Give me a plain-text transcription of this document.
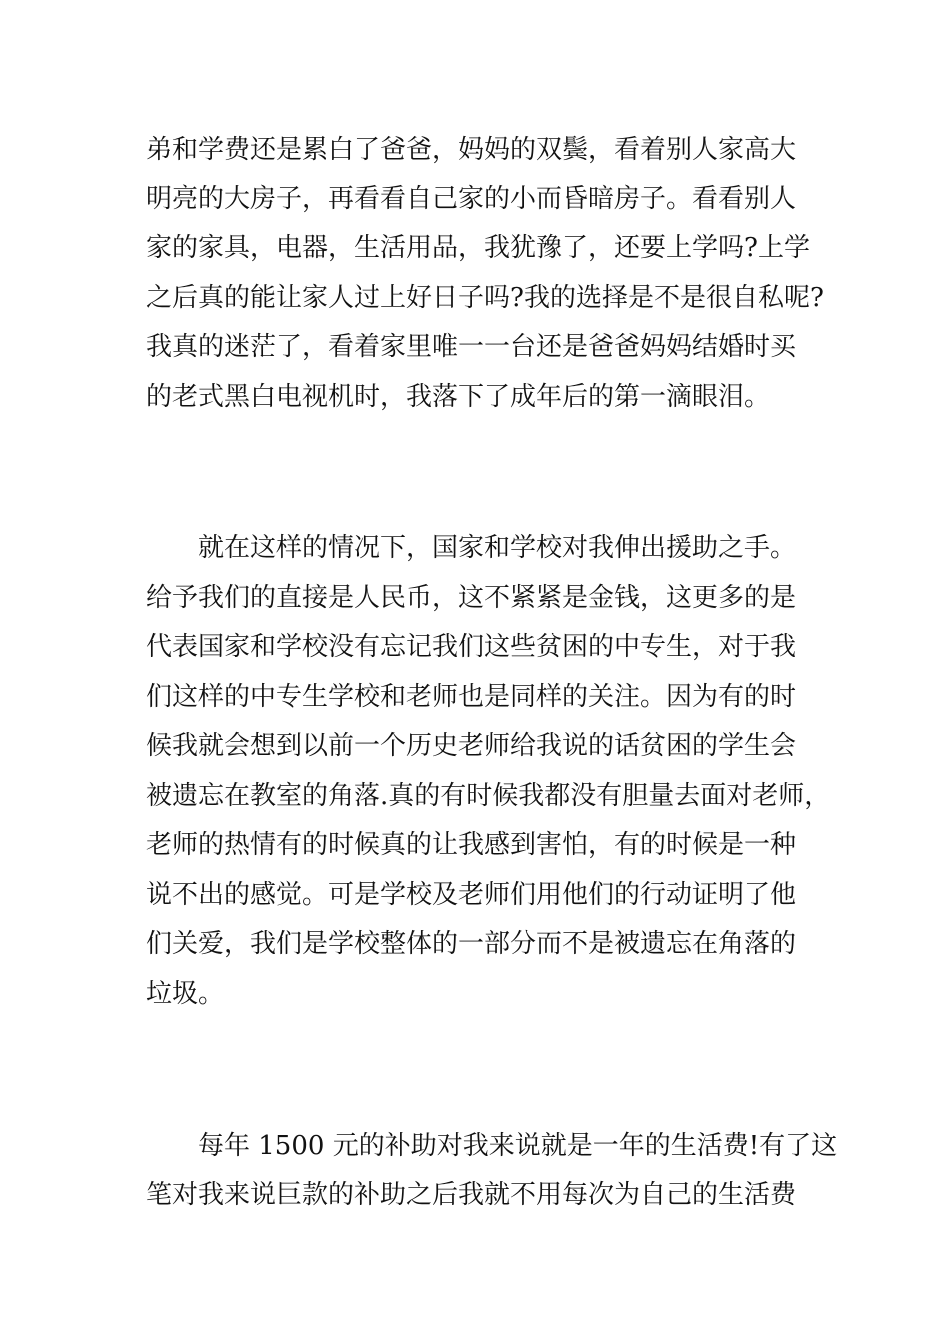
弟和学费还是累白了爸爸，妈妈的双鬓，看着别人家高大
明亮的大房子，再看看自己家的小而昏暗房子。看看别人
家的家具，电器，生活用品，我犹豫了，还要上学吗?上学
之后真的能让家人过上好日子吗?我的选择是不是很自私呢?
我真的迷茫了，看着家里唯一一台还是爸爸妈妈结婚时买
的老式黑白电视机时，我落下了成年后的第一滴眼泪。
就在这样的情况下，国家和学校对我伸出援助之手。
给予我们的直接是人民币，这不紧紧是金钱，这更多的是
代表国家和学校没有忘记我们这些贫困的中专生，对于我
们这样的中专生学校和老师也是同样的关注。因为有的时
候我就会想到以前一个历史老师给我说的话贫困的学生会
被遗忘在教室的角落.真的有时候我都没有胆量去面对老师，
老师的热情有的时候真的让我感到害怕，有的时候是一种
说不出的感觉。可是学校及老师们用他们的行动证明了他
们关爱，我们是学校整体的一部分而不是被遗忘在角落的
垃圾。
每年 1500 元的补助对我来说就是一年的生活费!有了这
笔对我来说巨款的补助之后我就不用每次为自己的生活费
